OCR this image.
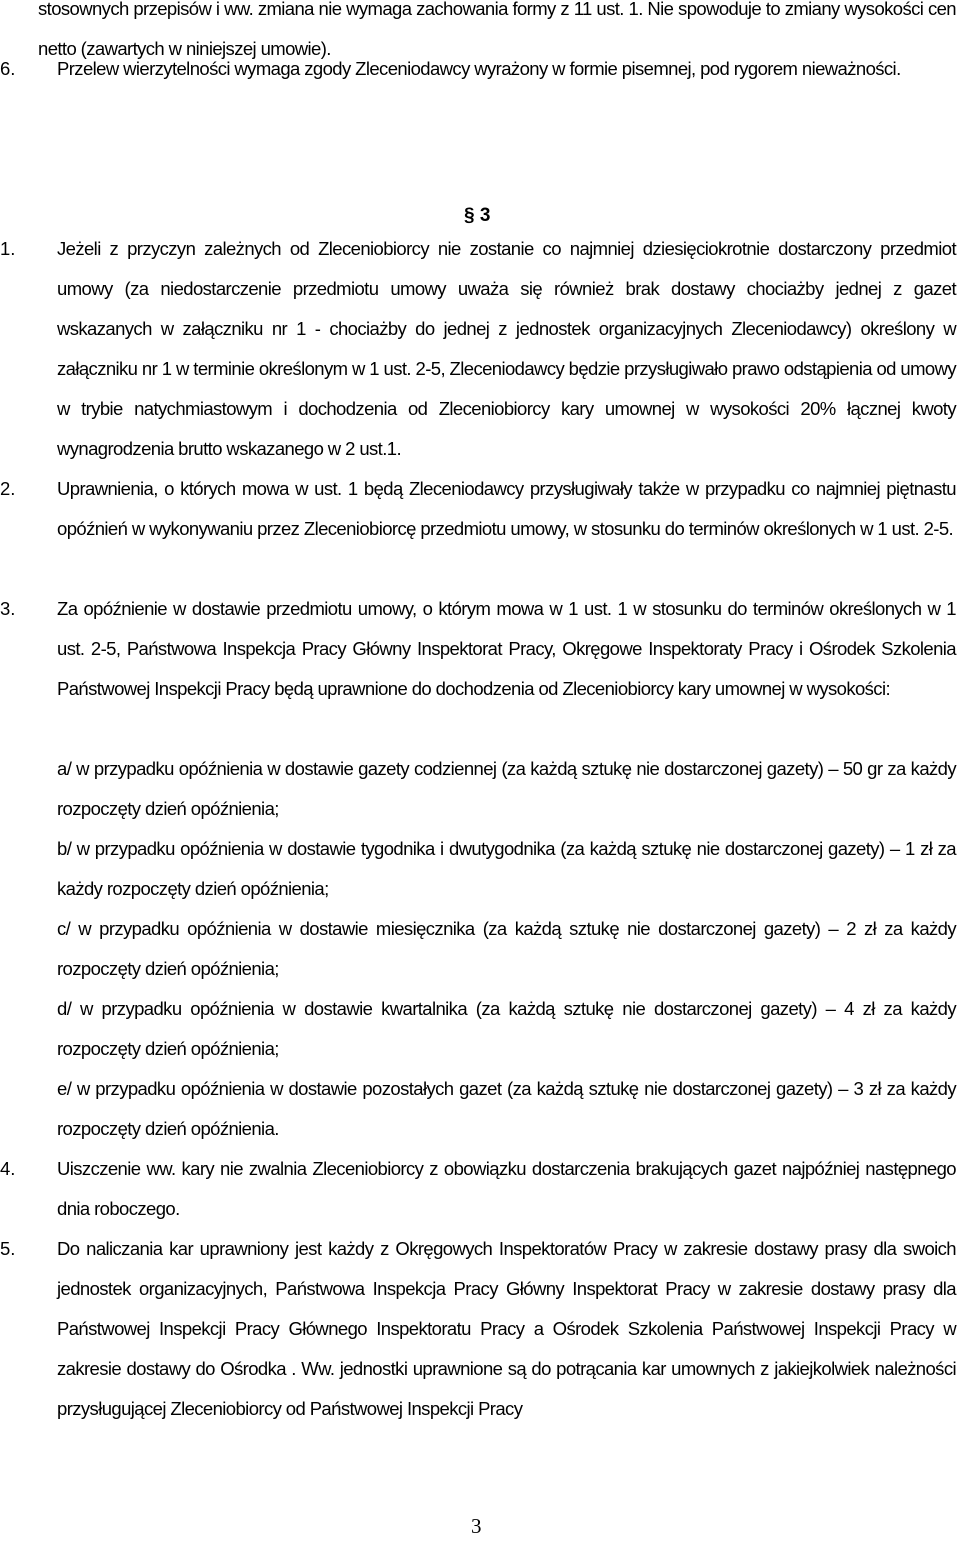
stosownych przepisów i ww. zmiana nie wymaga zachowania formy z 11 ust. 1. Nie spowoduje to zmiany wysokości cen netto (zawartych w niniejszej umowie).
6.	Przelew wierzytelności wymaga zgody Zleceniodawcy wyrażony w formie pisemnej, pod rygorem nieważności.
§ 3
1.	Jeżeli z przyczyn zależnych od Zleceniobiorcy nie zostanie co najmniej dziesięciokrotnie dostarczony przedmiot umowy (za niedostarczenie przedmiotu umowy uważa się również brak dostawy chociażby jednej z gazet wskazanych w załączniku nr 1 - chociażby do jednej z jednostek organizacyjnych Zleceniodawcy) określony w załączniku nr 1 w terminie określonym w 1 ust. 2-5, Zleceniodawcy będzie przysługiwało prawo odstąpienia od umowy w trybie natychmiastowym i dochodzenia od Zleceniobiorcy kary umownej w wysokości 20% łącznej kwoty wynagrodzenia brutto wskazanego w 2 ust.1.
2.	Uprawnienia, o których mowa w ust. 1 będą Zleceniodawcy przysługiwały także w przypadku co najmniej piętnastu opóźnień w wykonywaniu przez Zleceniobiorcę przedmiotu umowy, w stosunku do terminów określonych w 1 ust. 2-5.
3.	Za opóźnienie w dostawie przedmiotu umowy, o którym mowa w 1 ust. 1 w stosunku do terminów określonych w 1 ust. 2-5, Państwowa Inspekcja Pracy Główny Inspektorat Pracy, Okręgowe Inspektoraty Pracy i Ośrodek Szkolenia Państwowej Inspekcji Pracy będą uprawnione do dochodzenia od Zleceniobiorcy kary umownej w wysokości:
a/ w przypadku opóźnienia w dostawie gazety codziennej (za każdą sztukę nie dostarczonej gazety) – 50 gr za każdy rozpoczęty dzień opóźnienia;
b/ w przypadku opóźnienia w dostawie tygodnika i dwutygodnika (za każdą sztukę nie dostarczonej gazety) – 1 zł za każdy rozpoczęty dzień opóźnienia;
c/ w przypadku opóźnienia w dostawie miesięcznika (za każdą sztukę nie dostarczonej gazety) – 2 zł za każdy rozpoczęty dzień opóźnienia;
d/ w przypadku opóźnienia w dostawie kwartalnika (za każdą sztukę nie dostarczonej gazety) – 4 zł za każdy rozpoczęty dzień opóźnienia;
e/ w przypadku opóźnienia w dostawie pozostałych gazet (za każdą sztukę nie dostarczonej gazety) – 3 zł za każdy rozpoczęty dzień opóźnienia.
4.	Uiszczenie ww. kary nie zwalnia Zleceniobiorcy z obowiązku dostarczenia brakujących gazet najpóźniej następnego dnia roboczego.
5.	Do naliczania kar uprawniony jest każdy z Okręgowych Inspektoratów Pracy w zakresie dostawy prasy dla swoich jednostek organizacyjnych, Państwowa Inspekcja Pracy Główny Inspektorat Pracy w zakresie dostawy prasy dla Państwowej Inspekcji Pracy Głównego Inspektoratu Pracy a Ośrodek Szkolenia Państwowej Inspekcji Pracy w zakresie dostawy do Ośrodka . Ww. jednostki uprawnione są do potrącania kar umownych z jakiejkolwiek należności przysługującej Zleceniobiorcy od Państwowej Inspekcji Pracy
3
